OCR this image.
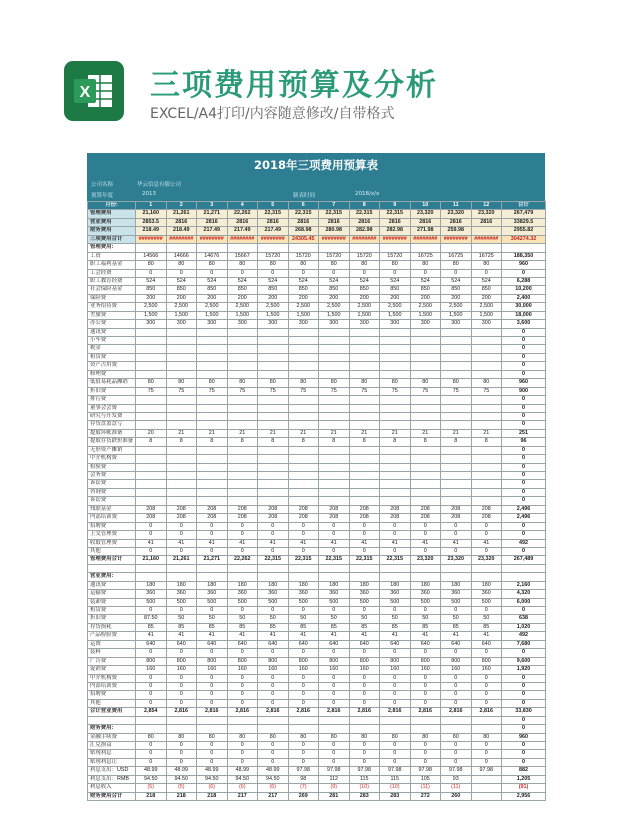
X 三项费用预算及分析
EXCEL/A4打印/内容随意修改/自带格式
2018年三项费用预算表
公司名称	华云信息有限公司
预算年度	2013	制表时间	2018/x/x
月份:	1	2	3	4	5	6	7	8	9	10	11	12	合计
管理费用	21,160	21,261	21,271	22,262	22,315	22,315	22,315	22,315	22,315	23,320	23,320	23,320	267,479
营业费用	2853.5	2816	2816	2816	2816	2816	2816	2816	2816	2816	2816	2816	33829.5
财务费用	218.49	218.49	217.49	217.49	217.49	268.98	280.98	282.98	282.98	271.98	259.98		2955.82
三项费用合计	########	########	########	########	########	24305.45	########	########	########	########	########	########	304274.32
管理费用:													
工资	14566	14666	14676	15667	15720	15720	15720	15720	15720	16725	16725	16725	188,350
职工福利基金	80	80	80	80	80	80	80	80	80	80	80	80	960
工会经费	0	0	0	0	0	0	0	0	0	0	0	0	0
职工教育经费	524	524	524	524	524	524	524	524	524	524	524	524	6,288
社会保险基金	850	850	850	850	850	850	850	850	850	850	850	850	10,200
保险费	200	200	200	200	200	200	200	200	200	200	200	200	2,400
业务招待费	2,500	2,500	2,500	2,500	2,500	2,500	2,500	2,500	2,500	2,500	2,500	2,500	30,000
差旅费	1,500	1,500	1,500	1,500	1,500	1,500	1,500	1,500	1,500	1,500	1,500	1,500	18,000
办公费	300	300	300	300	300	300	300	300	300	300	300	300	3,600
通讯费													0
小车费													0
税金													0
租赁费													0
资产占用费													0
修理费													0
低值易耗品摊销	80	80	80	80	80	80	80	80	80	80	80	80	960
折旧费	75	75	75	75	75	75	75	75	75	75	75	75	900
排污费													0
董事会会费													0
研究与开发费													0
存货盘盈盘亏													0
提取坏帐准备	20	21	21	21	21	21	21	21	21	21	21	21	251
提取存货跌价准备	8	8	8	8	8	8	8	8	8	8	8	8	96
无形资产摊销													0
中介机构费													0
检验费													0
会务费													0
诉讼费													0
咨询费													0
诉讼费													0
残联基金	208	208	208	208	208	208	208	208	208	208	208	208	2,496
内部培训费	208	208	208	208	208	208	208	208	208	208	208	208	2,496
招聘费	0	0	0	0	0	0	0	0	0	0	0	0	0
上交管理费	0	0	0	0	0	0	0	0	0	0	0	0	0
收取管理费	41	41	41	41	41	41	41	41	41	41	41	41	492
其他	0	0	0	0	0	0	0	0	0	0	0	0	0
管理费用合计	21,160	21,261	21,271	22,262	22,315	22,315	22,315	22,315	22,315	23,320	23,320	23,320	267,489

营业费用:													
通讯费	180	180	180	180	180	180	180	180	180	180	180	180	2,160
运输费	360	360	360	360	360	360	360	360	360	360	360	360	4,320
装卸费	500	500	500	500	500	500	500	500	500	500	500	500	6,000
租赁费	0	0	0	0	0	0	0	0	0	0	0	0	0
折旧费	87.50	50	50	50	50	50	50	50	50	50	50	50	638
存货损耗	85	85	85	85	85	85	85	85	85	85	85	85	1,020
产品检验费	41	41	41	41	41	41	41	41	41	41	41	41	492
运费	640	640	640	640	640	640	640	640	640	640	640	640	7,680
装料	0	0	0	0	0	0	0	0	0	0	0	0	0
广告费	800	800	800	800	800	800	800	800	800	800	800	800	9,600
促销费	160	160	160	160	160	160	160	160	160	160	160	160	1,920
中介机构费	0	0	0	0	0	0	0	0	0	0	0	0	0
内部培训费	0	0	0	0	0	0	0	0	0	0	0	0	0
招聘费	0	0	0	0	0	0	0	0	0	0	0	0	0
其他	0	0	0	0	0	0	0	0	0	0	0	0	0
合计营业费用	2,854	2,816	2,816	2,816	2,816	2,816	2,816	2,816	2,816	2,816	2,816	2,816	33,830
													0
财务费用:													0
金融手续费	80	80	80	80	80	80	80	80	80	80	80	80	960
汇兑损益	0	0	0	0	0	0	0	0	0	0	0	0	0
贴现利息	0	0	0	0	0	0	0	0	0	0	0	0	0
贴现利息让	0	0	0	0	0	0	0	0	0	0	0	0	0
利息支出：USD	48.99	48.99	48.99	48.99	48.99	97.98	97.98	97.98	97.98	97.98	97.98	97.98	882
利息支出：RMB	94.50	94.50	94.50	94.50	94.50	98	112	115	115	105	93		1,205
利息收入	(5)	(5)	(6)	(6)	(6)	(7)	(9)	(10)	(10)	(11)	(11)		(91)
财务费用合计	218	218	218	217	217	269	281	283	283	272	260		2,956
